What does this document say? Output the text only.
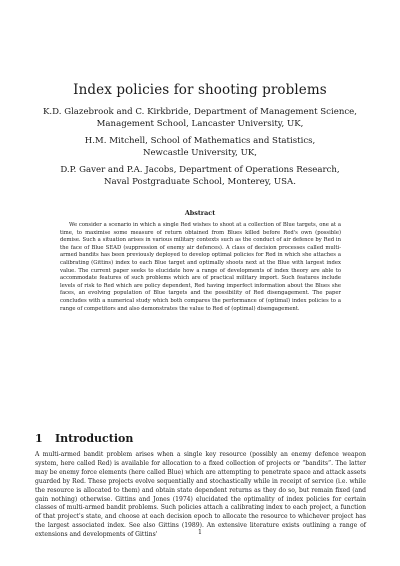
Index policies for shooting problems
K.D. Glazebrook and C. Kirkbride, Department of Management Science,
Management School, Lancaster University, UK,
H.M. Mitchell, School of Mathematics and Statistics,
Newcastle University, UK,
D.P. Gaver and P.A. Jacobs, Department of Operations Research,
Naval Postgraduate School, Monterey, USA.
Abstract
We consider a scenario in which a single Red wishes to shoot at a collection of Blue targets, one at a time, to maximise some measure of return obtained from Blues killed before Red's own (possible) demise. Such a situation arises in various military contexts such as the conduct of air defence by Red in the face of Blue SEAD (suppression of enemy air defences). A class of decision processes called multi-armed bandits has been previously deployed to develop optimal policies for Red in which she attaches a calibrating (Gittins) index to each Blue target and optimally shoots next at the Blue with largest index value. The current paper seeks to elucidate how a range of developments of index theory are able to accommodate features of such problems which are of practical military import. Such features include levels of risk to Red which are policy dependent, Red having imperfect information about the Blues she faces, an evolving population of Blue targets and the possibility of Red disengagement. The paper concludes with a numerical study which both compares the performance of (optimal) index policies to a range of competitors and also demonstrates the value to Red of (optimal) disengagement.
1 Introduction
A multi-armed bandit problem arises when a single key resource (possibly an enemy defence weapon system, here called Red) is available for allocation to a fixed collection of projects or “bandits”. The latter may be enemy force elements (here called Blue) which are attempting to penetrate space and attack assets guarded by Red. These projects evolve sequentially and stochastically while in receipt of service (i.e. while the resource is allocated to them) and obtain state dependent returns as they do so, but remain fixed (and gain nothing) otherwise. Gittins and Jones (1974) elucidated the optimality of index policies for certain classes of multi-armed bandit problems. Such policies attach a calibrating index to each project, a function of that project's state, and choose at each decision epoch to allocate the resource to whichever project has the largest associated index. See also Gittins (1989). An extensive literature exists outlining a range of extensions and developments of Gittins'	1
